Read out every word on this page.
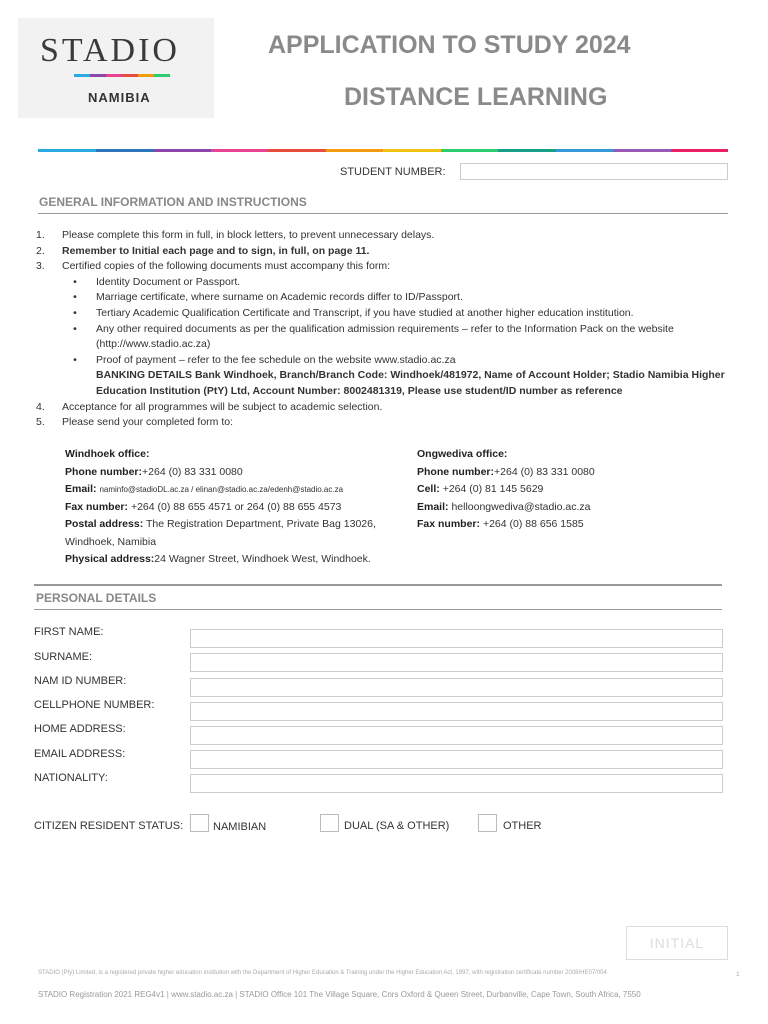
STADIO
NAMIBIA
APPLICATION TO STUDY 2024
DISTANCE LEARNING
STUDENT NUMBER:
GENERAL INFORMATION AND INSTRUCTIONS
1.	Please complete this form in full, in block letters, to prevent unnecessary delays.
2.	Remember to Initial each page and to sign, in full, on page 11.
3.	Certified copies of the following documents must accompany this form:
•	Identity Document or Passport.
•	Marriage certificate, where surname on Academic records differ to ID/Passport.
•	Tertiary Academic Qualification Certificate and Transcript, if you have studied at another higher education institution.
•	Any other required documents as per the qualification admission requirements – refer to the Information Pack on the website (http://www.stadio.ac.za)
•	Proof of payment – refer to the fee schedule on the website www.stadio.ac.za
BANKING DETAILS Bank Windhoek, Branch/Branch Code: Windhoek/481972, Name of Account Holder; Stadio Namibia Higher Education Institution (PtY) Ltd, Account Number: 8002481319, Please use student/ID number as reference
4.	Acceptance for all programmes will be subject to academic selection.
5.	Please send your completed form to:
Windhoek office:
Phone number:+264 (0) 83 331 0080
Email: naminfo@stadioDL.ac.za / elinan@stadio.ac.za/edenh@stadio.ac.za
Fax number: +264 (0) 88 655 4571 or 264 (0) 88 655 4573
Postal address: The Registration Department, Private Bag 13026, Windhoek, Namibia
Physical address:24 Wagner Street, Windhoek West, Windhoek.
Ongwediva office:
Phone number:+264 (0) 83 331 0080
Cell: +264 (0) 81 145 5629
Email: helloongwediva@stadio.ac.za
Fax number: +264 (0) 88 656 1585
PERSONAL DETAILS
FIRST NAME:
SURNAME:
NAM ID NUMBER:
CELLPHONE NUMBER:
HOME ADDRESS:
EMAIL ADDRESS:
NATIONALITY:
CITIZEN RESIDENT STATUS:	NAMIBIAN	DUAL (SA & OTHER)	OTHER
INITIAL
STADIO (Pty) Limited, is a registered private higher education institution with the Department of Higher Education & Training under the Higher Education Act, 1997, with registration certificate number 2008/HE07/004	1
STADIO Registration 2021 REG4v1 | www.stadio.ac.za | STADIO Office 101 The Village Square, Cnrs Oxford & Queen Street, Durbanville, Cape Town, South Africa, 7550
